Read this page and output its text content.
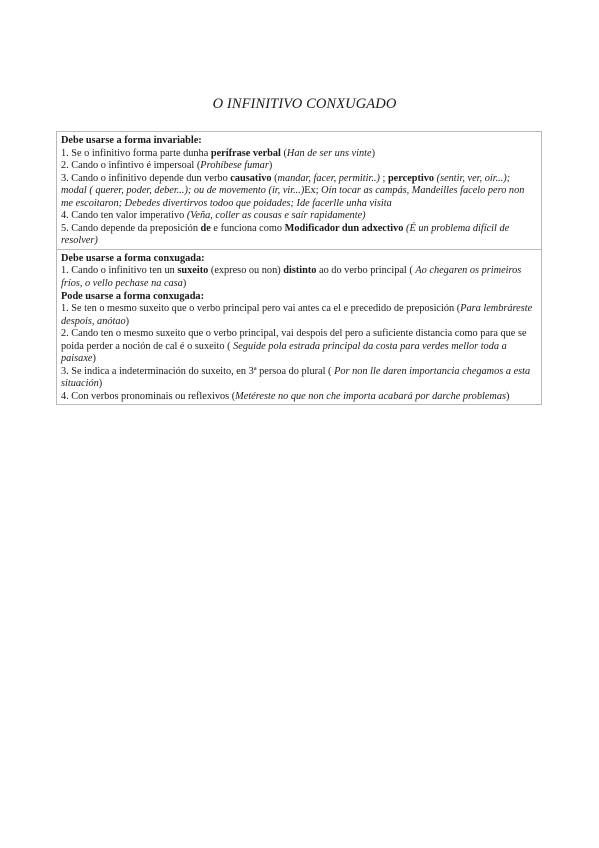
O INFINITIVO CONXUGADO
Debe usarse a forma invariable:
1. Se o infinitivo forma parte dunha perífrase verbal (Han de ser uns vinte)
2. Cando o infintivo é impersoal (Prohíbese fumar)
3. Cando o infinitivo depende dun verbo causativo (mandar, facer, permitir..) ; perceptivo (sentir, ver, oír...); modal ( querer, poder, deber...); ou de movemento (ir, vir...)Ex; Oín tocar as campás, Mandeilles facelo pero non me escoitaron; Debedes divertirvos todoo que poidades; Ide facerlle unha visita
4. Cando ten valor imperativo (Veña, coller as cousas e saír rapidamente)
5. Cando depende da preposición de e funciona como Modificador dun adxectivo (É un problema difícil de resolver)
Debe usarse a forma conxugada:
1. Cando o infinitivo ten un suxeito (expreso ou non) distinto ao do verbo principal ( Ao chegaren os primeiros fríos, o vello pechase na casa)
Pode usarse a forma conxugada:
1. Se ten o mesmo suxeito que o verbo principal pero vai antes ca el e precedido de preposición (Para lembráreste despois, anótao)
2. Cando ten o mesmo suxeito que o verbo principal, vai despois del pero a suficiente distancia como para que se poida perder a noción de cal é o suxeito ( Seguide pola estrada principal da costa para verdes mellor toda a paisaxe)
3. Se indica a indeterminación do suxeito, en 3ª persoa do plural ( Por non lle daren importancia chegamos a esta situación)
4. Con verbos pronominais ou reflexivos (Metéreste no que non che importa acabará por darche problemas)
